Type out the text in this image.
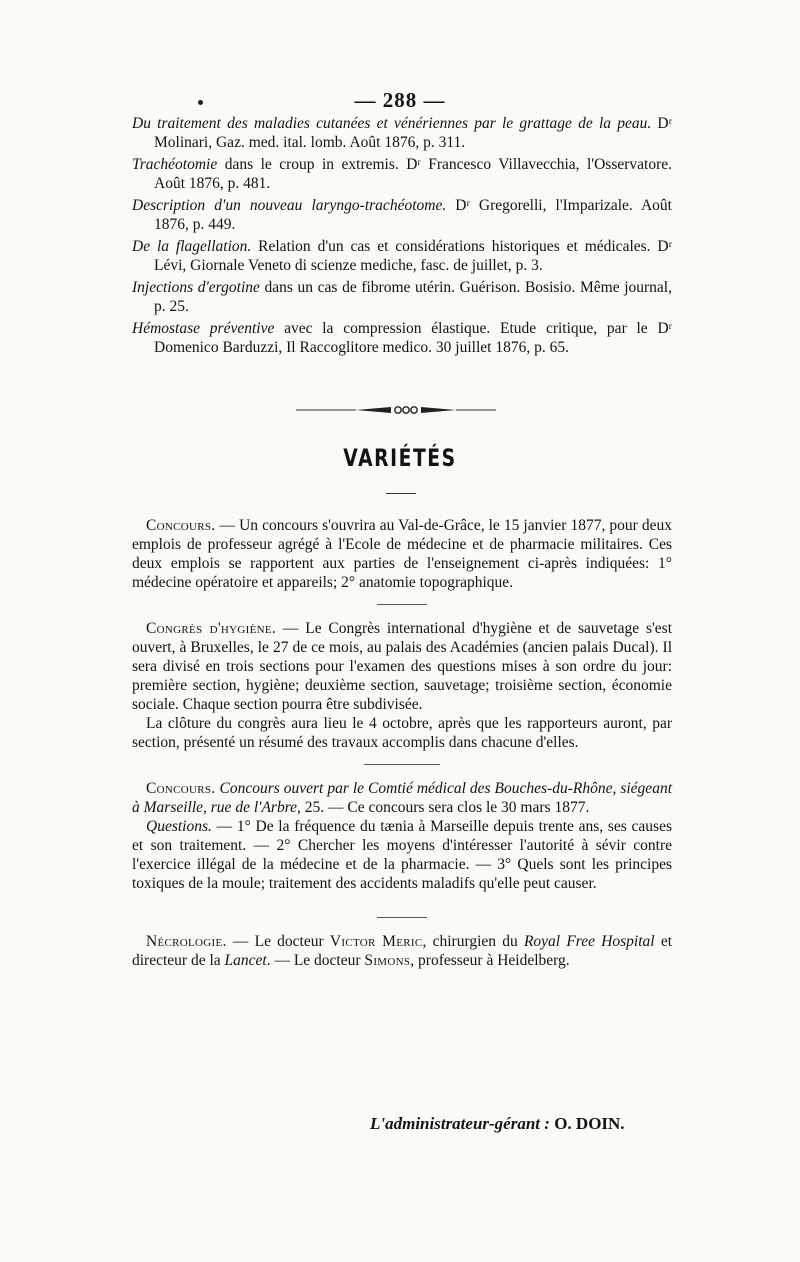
— 288 —

Du traitement des maladies cutanées et vénériennes par le grattage de la peau. Dʳ Molinari, Gaz. med. ital. lomb. Août 1876, p. 311.

Trachéotomie dans le croup in extremis. Dʳ Francesco Villavecchia, l'Osservatore. Août 1876, p. 481.

Description d'un nouveau laryngo-trachéotome. Dʳ Gregorelli, l'Imparizale. Août 1876, p. 449.

De la flagellation. Relation d'un cas et considérations historiques et médicales. Dʳ Lévi, Giornale Veneto di scienze mediche, fasc. de juillet, p. 3.

Injections d'ergotine dans un cas de fibrome utérin. Guérison. Bosisio. Même journal, p. 25.

Hémostase préventive avec la compression élastique. Etude critique, par le Dʳ Domenico Barduzzi, Il Raccoglitore medico. 30 juillet 1876, p. 65.

VARIÉTÉS

Concours. — Un concours s'ouvrira au Val-de-Grâce, le 15 janvier 1877, pour deux emplois de professeur agrégé à l'Ecole de médecine et de pharmacie militaires. Ces deux emplois se rapportent aux parties de l'enseignement ci-après indiquées: 1° médecine opératoire et appareils; 2° anatomie topographique.

Congrès d'hygiène. — Le Congrès international d'hygiène et de sauvetage s'est ouvert, à Bruxelles, le 27 de ce mois, au palais des Académies (ancien palais Ducal). Il sera divisé en trois sections pour l'examen des questions mises à son ordre du jour: première section, hygiène; deuxième section, sauvetage; troisième section, économie sociale. Chaque section pourra être subdivisée.

La clôture du congrès aura lieu le 4 octobre, après que les rapporteurs auront, par section, présenté un résumé des travaux accomplis dans chacune d'elles.

Concours. Concours ouvert par le Comtié médical des Bouches-du-Rhône, siégeant à Marseille, rue de l'Arbre, 25. — Ce concours sera clos le 30 mars 1877.

Questions. — 1° De la fréquence du tænia à Marseille depuis trente ans, ses causes et son traitement. — 2° Chercher les moyens d'intéresser l'autorité à sévir contre l'exercice illégal de la médecine et de la pharmacie. — 3° Quels sont les principes toxiques de la moule; traitement des accidents maladifs qu'elle peut causer.

Nécrologie. — Le docteur Victor Meric, chirurgien du Royal Free Hospital et directeur de la Lancet. — Le docteur Simons, professeur à Heidelberg.

L'administrateur-gérant : O. DOIN.
